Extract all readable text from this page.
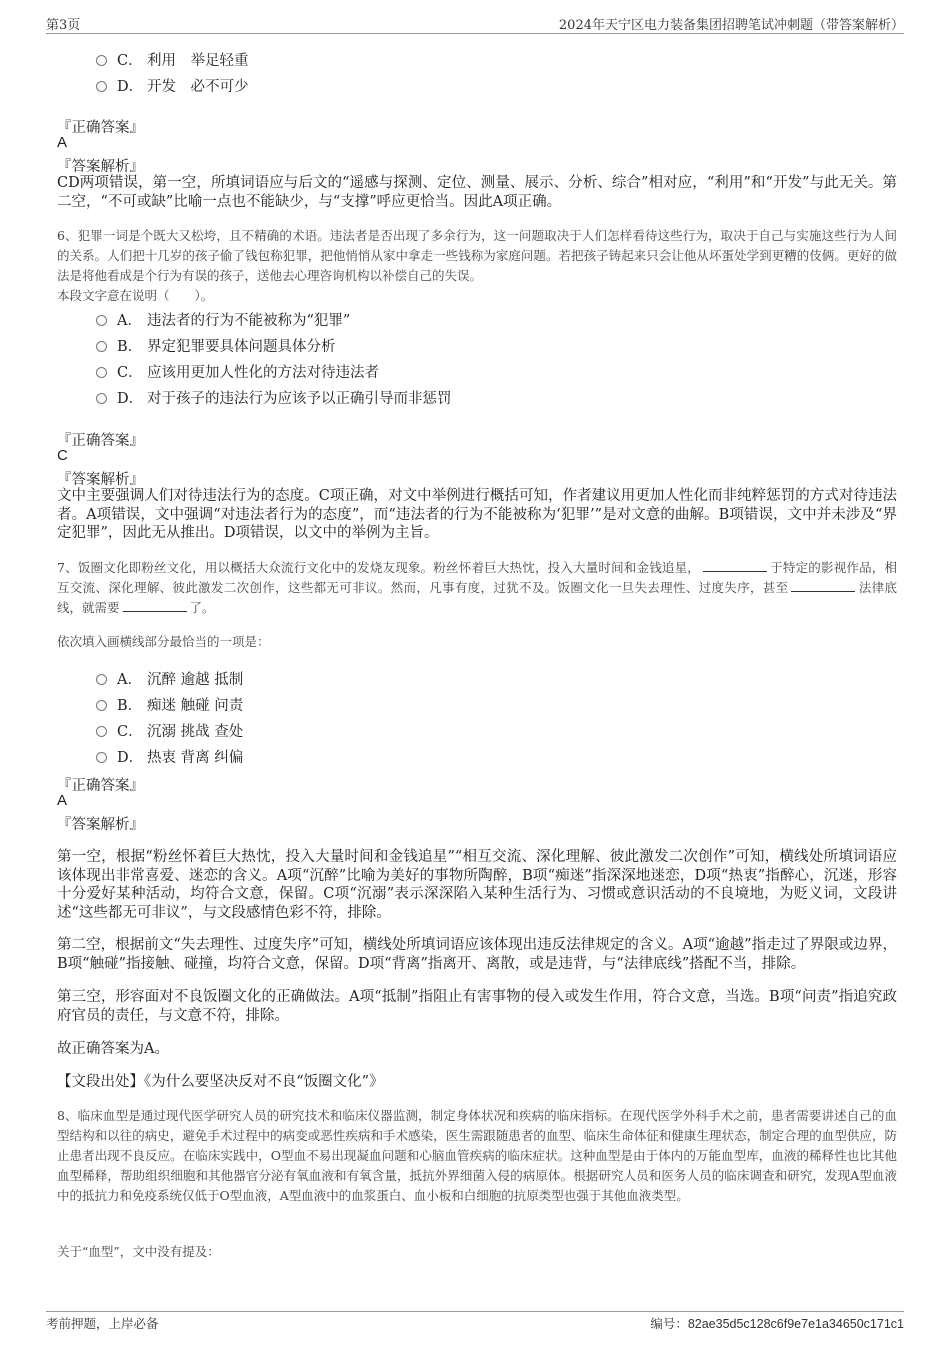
第3页	2024年天宁区电力装备集团招聘笔试冲刺题（带答案解析）
C． 利用　举足轻重
D． 开发　必不可少
『正确答案』
A
『答案解析』
CD两项错误，第一空，所填词语应与后文的“遥感与探测、定位、测量、展示、分析、综合”相对应，“利用”和“开发”与此无关。第二空，“不可或缺”比喻一点也不能缺少，与“支撑”呼应更恰当。因此A项正确。
6、犯罪一词是个既大又松垮，且不精确的术语。违法者是否出现了多余行为，这一问题取决于人们怎样看待这些行为，取决于自己与实施这些行为人间的关系。人们把十几岁的孩子偷了钱包称犯罪，把他悄悄从家中拿走一些钱称为家庭问题。若把孩子铸起来只会让他从坏蛋处学到更糟的伎俩。更好的做法是将他看成是个行为有误的孩子，送他去心理咨询机构以补偿自己的失误。
本段文字意在说明（　　）。
A． 违法者的行为不能被称为“犯罪”
B． 界定犯罪要具体问题具体分析
C． 应该用更加人性化的方法对待违法者
D． 对于孩子的违法行为应该予以正确引导而非惩罚
『正确答案』
C
『答案解析』
文中主要强调人们对待违法行为的态度。C项正确，对文中举例进行概括可知，作者建议用更加人性化而非纯粹惩罚的方式对待违法者。A项错误，文中强调“对违法者行为的态度”，而“违法者的行为不能被称为‘犯罪’”是对文意的曲解。B项错误，文中并未涉及“界定犯罪”，因此无从推出。D项错误，以文中的举例为主旨。
7、饭圈文化即粉丝文化，用以概括大众流行文化中的发烧友现象。粉丝怀着巨大热忱，投入大量时间和金钱追星，	于特定的影视作品，相互交流、深化理解、彼此激发二次创作，这些都无可非议。然而，凡事有度，过犹不及。饭圈文化一旦失去理性、过度失序，甚至	法律底线，就需要	了。
依次填入画横线部分最恰当的一项是：
A． 沉醉 逾越 抵制
B． 痴迷 触碰 问责
C． 沉溺 挑战 查处
D． 热衷 背离 纠偏
『正确答案』
A
『答案解析』
第一空，根据“粉丝怀着巨大热忱，投入大量时间和金钱追星”“相互交流、深化理解、彼此激发二次创作”可知，横线处所填词语应该体现出非常喜爱、迷恋的含义。A项“沉醉”比喻为美好的事物所陶醉，B项“痴迷”指深深地迷恋，D项“热衷”指醉心，沉迷，形容十分爱好某种活动，均符合文意，保留。C项“沉溺”表示深深陷入某种生活行为、习惯或意识活动的不良境地，为贬义词，文段讲述“这些都无可非议”，与文段感情色彩不符，排除。
第二空，根据前文“失去理性、过度失序”可知，横线处所填词语应该体现出违反法律规定的含义。A项“逾越”指走过了界限或边界，B项“触碰”指接触、碰撞，均符合文意，保留。D项“背离”指离开、离散，或是违背，与“法律底线”搭配不当，排除。
第三空，形容面对不良饭圈文化的正确做法。A项“抵制”指阻止有害事物的侵入或发生作用，符合文意，当选。B项“问责”指追究政府官员的责任，与文意不符，排除。
故正确答案为A。
【文段出处】《为什么要坚决反对不良“饭圈文化”》
8、临床血型是通过现代医学研究人员的研究技术和临床仪器监测，制定身体状况和疾病的临床指标。在现代医学外科手术之前，患者需要讲述自己的血型结构和以往的病史，避免手术过程中的病变或恶性疾病和手术感染，医生需跟随患者的血型、临床生命体征和健康生理状态，制定合理的血型供应，防止患者出现不良反应。在临床实践中，O型血不易出现凝血问题和心脑血管疾病的临床症状。这种血型是由于体内的万能血型库，血液的稀释性也比其他血型稀释，帮助组织细胞和其他器官分泌有氧血液和有氧含量，抵抗外界细菌入侵的病原体。根据研究人员和医务人员的临床调查和研究，发现A型血液中的抵抗力和免疫系统仅低于O型血液，A型血液中的血浆蛋白、血小板和白细胞的抗原类型也强于其他血液类型。
关于“血型”，文中没有提及：
考前押题，上岸必备	编号：82ae35d5c128c6f9e7e1a34650c171c1
